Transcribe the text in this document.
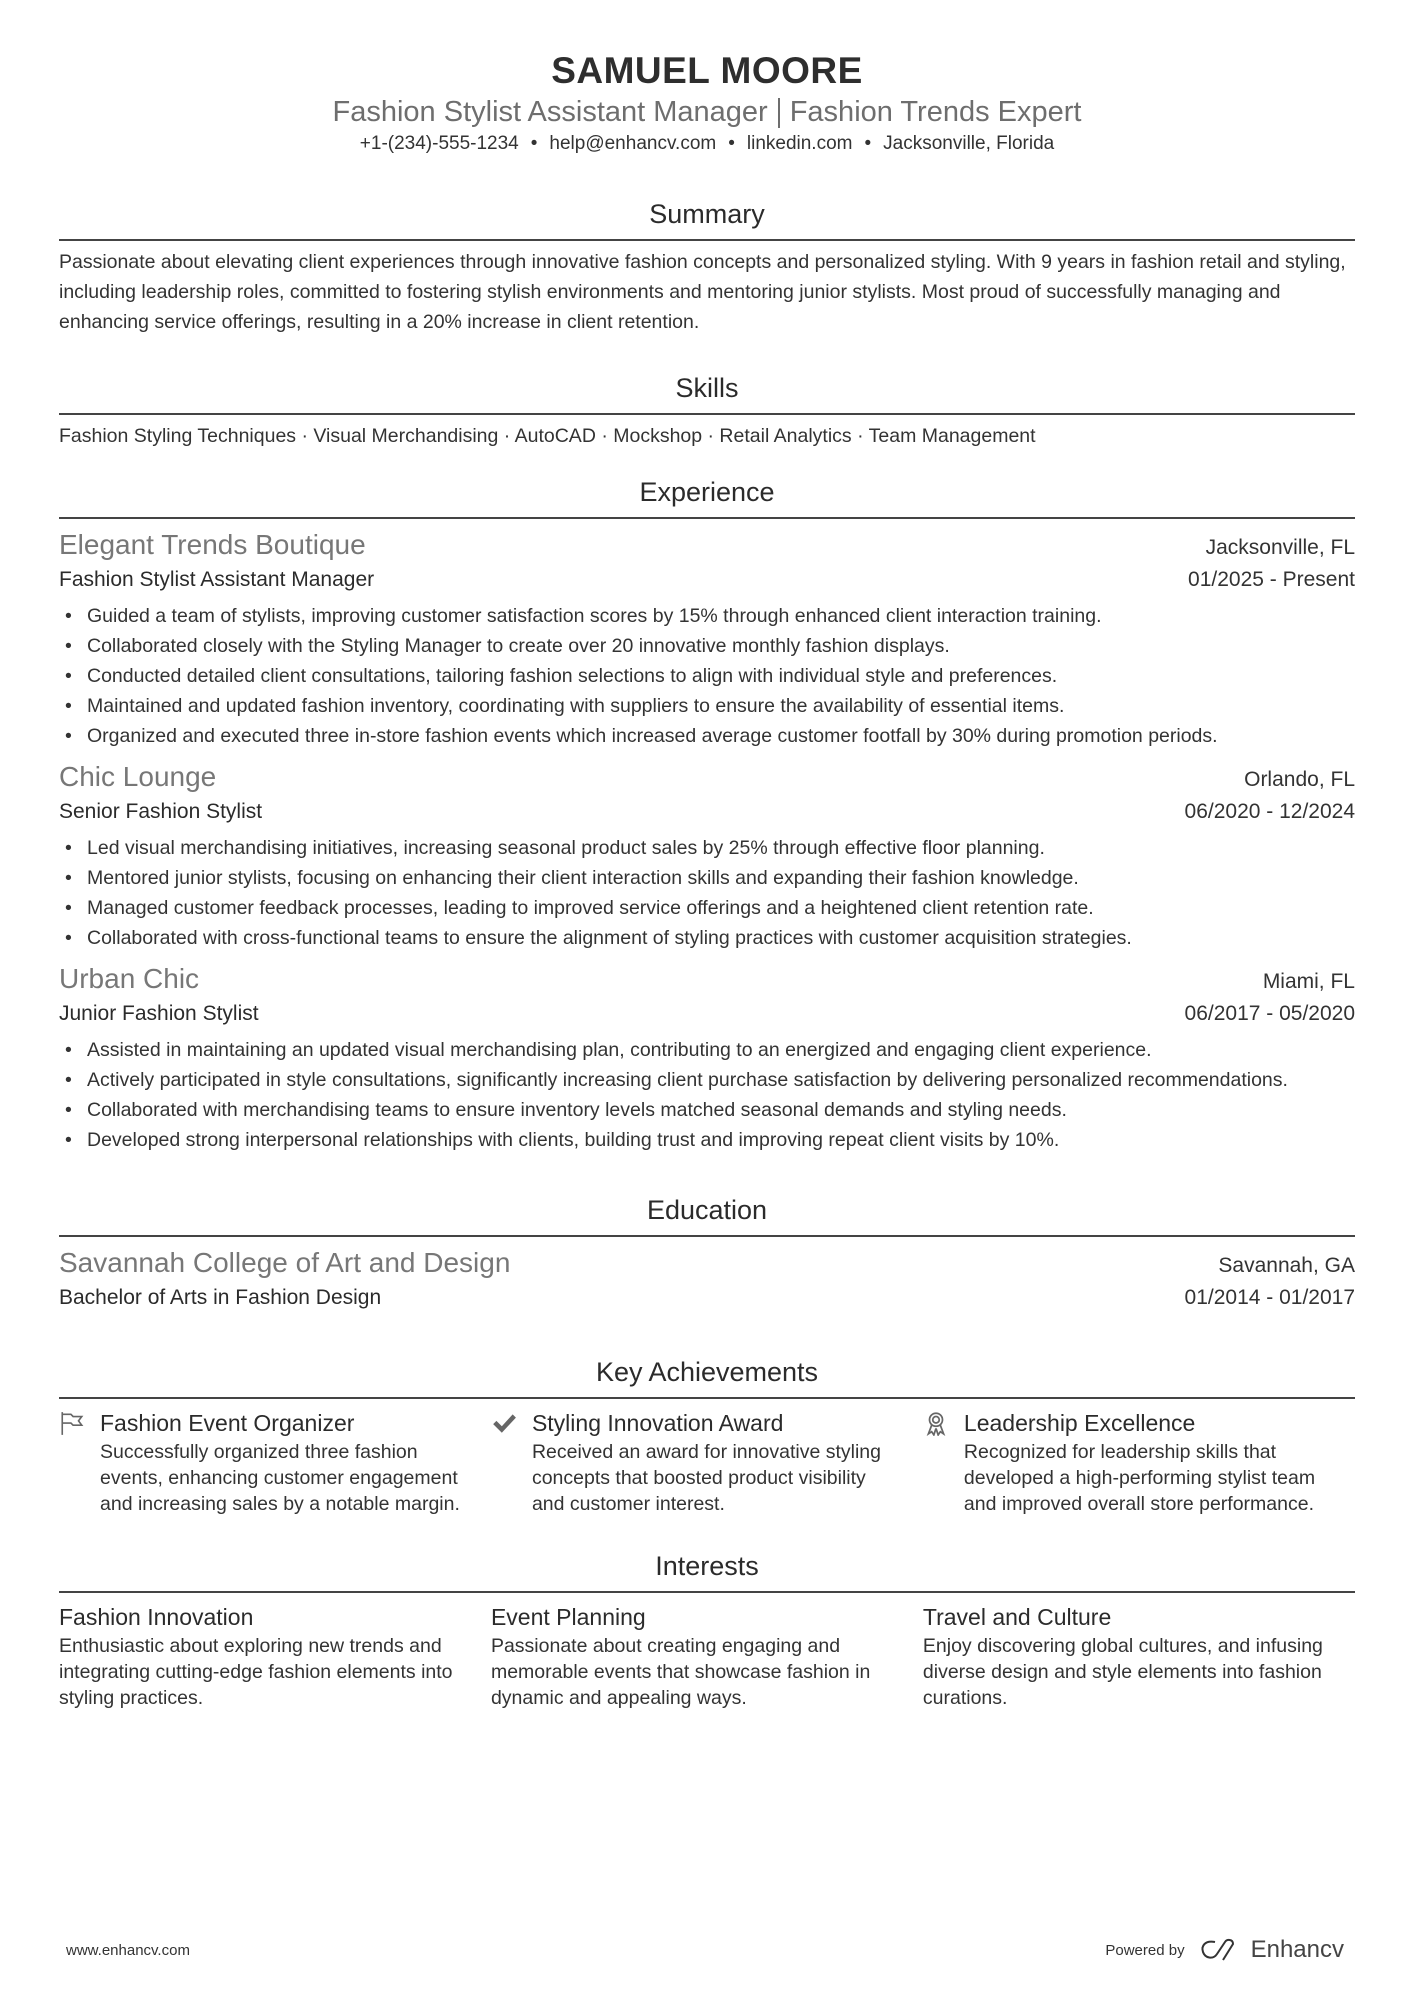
SAMUEL MOORE
Fashion Stylist Assistant Manager Fashion Trends Expert
+1-(234)-555-1234 • help@enhancv.com • linkedin.com • Jacksonville, Florida
Summary
Passionate about elevating client experiences through innovative fashion concepts and personalized styling. With 9 years in fashion retail and styling, including leadership roles, committed to fostering stylish environments and mentoring junior stylists. Most proud of successfully managing and enhancing service offerings, resulting in a 20% increase in client retention.
Skills
Fashion Styling Techniques · Visual Merchandising · AutoCAD · Mockshop · Retail Analytics · Team Management
Experience
Elegant Trends Boutique	Jacksonville, FL
Fashion Stylist Assistant Manager	01/2025 - Present
• Guided a team of stylists, improving customer satisfaction scores by 15% through enhanced client interaction training.
• Collaborated closely with the Styling Manager to create over 20 innovative monthly fashion displays.
• Conducted detailed client consultations, tailoring fashion selections to align with individual style and preferences.
• Maintained and updated fashion inventory, coordinating with suppliers to ensure the availability of essential items.
• Organized and executed three in-store fashion events which increased average customer footfall by 30% during promotion periods.
Chic Lounge	Orlando, FL
Senior Fashion Stylist	06/2020 - 12/2024
• Led visual merchandising initiatives, increasing seasonal product sales by 25% through effective floor planning.
• Mentored junior stylists, focusing on enhancing their client interaction skills and expanding their fashion knowledge.
• Managed customer feedback processes, leading to improved service offerings and a heightened client retention rate.
• Collaborated with cross-functional teams to ensure the alignment of styling practices with customer acquisition strategies.
Urban Chic	Miami, FL
Junior Fashion Stylist	06/2017 - 05/2020
• Assisted in maintaining an updated visual merchandising plan, contributing to an energized and engaging client experience.
• Actively participated in style consultations, significantly increasing client purchase satisfaction by delivering personalized recommendations.
• Collaborated with merchandising teams to ensure inventory levels matched seasonal demands and styling needs.
• Developed strong interpersonal relationships with clients, building trust and improving repeat client visits by 10%.
Education
Savannah College of Art and Design	Savannah, GA
Bachelor of Arts in Fashion Design	01/2014 - 01/2017
Key Achievements
Fashion Event Organizer
Successfully organized three fashion events, enhancing customer engagement and increasing sales by a notable margin.
Styling Innovation Award
Received an award for innovative styling concepts that boosted product visibility and customer interest.
Leadership Excellence
Recognized for leadership skills that developed a high-performing stylist team and improved overall store performance.
Interests
Fashion Innovation
Enthusiastic about exploring new trends and integrating cutting-edge fashion elements into styling practices.
Event Planning
Passionate about creating engaging and memorable events that showcase fashion in dynamic and appealing ways.
Travel and Culture
Enjoy discovering global cultures, and infusing diverse design and style elements into fashion curations.
www.enhancv.com	Powered by	Enhancv
